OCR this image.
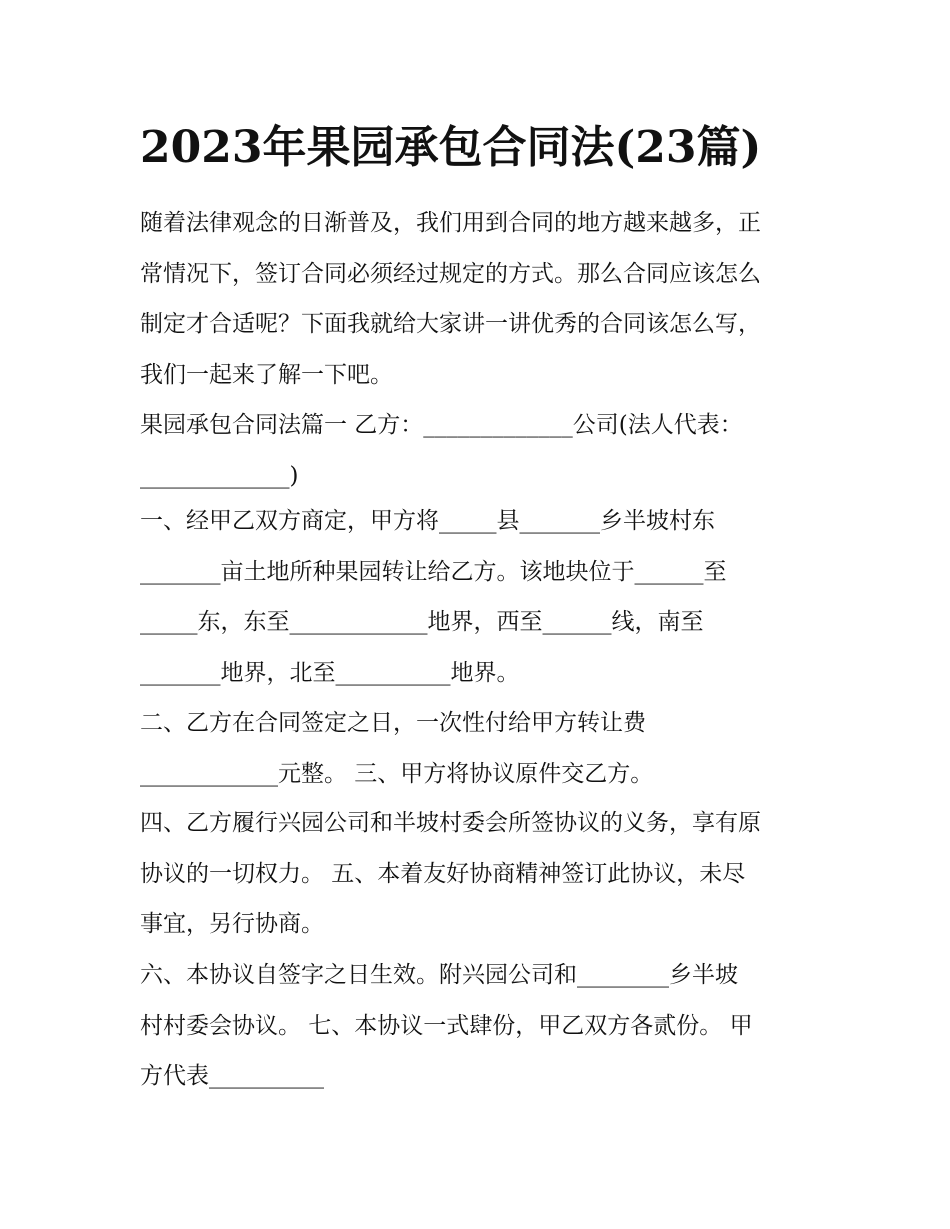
2023年果园承包合同法(23篇)
随着法律观念的日渐普及，我们用到合同的地方越来越多，正
常情况下，签订合同必须经过规定的方式。那么合同应该怎么
制定才合适呢？下面我就给大家讲一讲优秀的合同该怎么写，
我们一起来了解一下吧。
果园承包合同法篇一 乙方：_____________公司(法人代表：
_____________)
一、经甲乙双方商定，甲方将_____县_______乡半坡村东
_______亩土地所种果园转让给乙方。该地块位于______至
_____东，东至____________地界，西至______线，南至
_______地界，北至__________地界。
二、乙方在合同签定之日，一次性付给甲方转让费
____________元整。 三、甲方将协议原件交乙方。
四、乙方履行兴园公司和半坡村委会所签协议的义务，享有原
协议的一切权力。 五、本着友好协商精神签订此协议，未尽
事宜，另行协商。
六、本协议自签字之日生效。附兴园公司和________乡半坡
村村委会协议。 七、本协议一式肆份，甲乙双方各贰份。 甲
方代表__________
